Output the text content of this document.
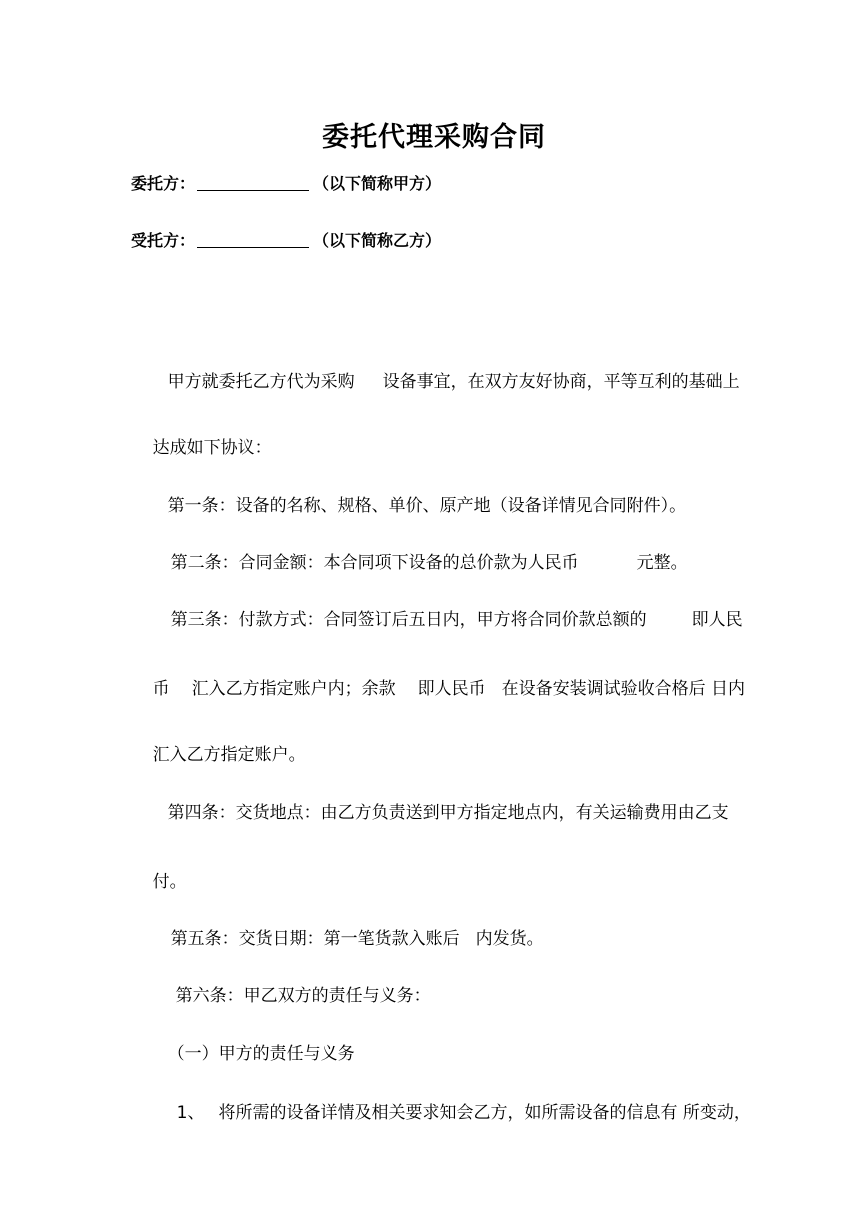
委托代理采购合同
委托方：	（以下简称甲方）
受托方：	（以下简称乙方）

甲方就委托乙方代为采购 设备事宜，在双方友好协商，平等互利的基础上

达成如下协议：

第一条：设备的名称、规格、单价、原产地（设备详情见合同附件）。

第二条：合同金额：本合同项下设备的总价款为人民币	元整。

第三条：付款方式：合同签订后五日内，甲方将合同价款总额的	即人民

币 汇入乙方指定账户内；余款 即人民币 在设备安装调试验收合格后 日内

汇入乙方指定账户。

第四条：交货地点：由乙方负责送到甲方指定地点内，有关运输费用由乙支

付。

第五条：交货日期：第一笔货款入账后 内发货。

第六条：甲乙双方的责任与义务：

（一）甲方的责任与义务

1、 将所需的设备详情及相关要求知会乙方，如所需设备的信息有 所变动，
